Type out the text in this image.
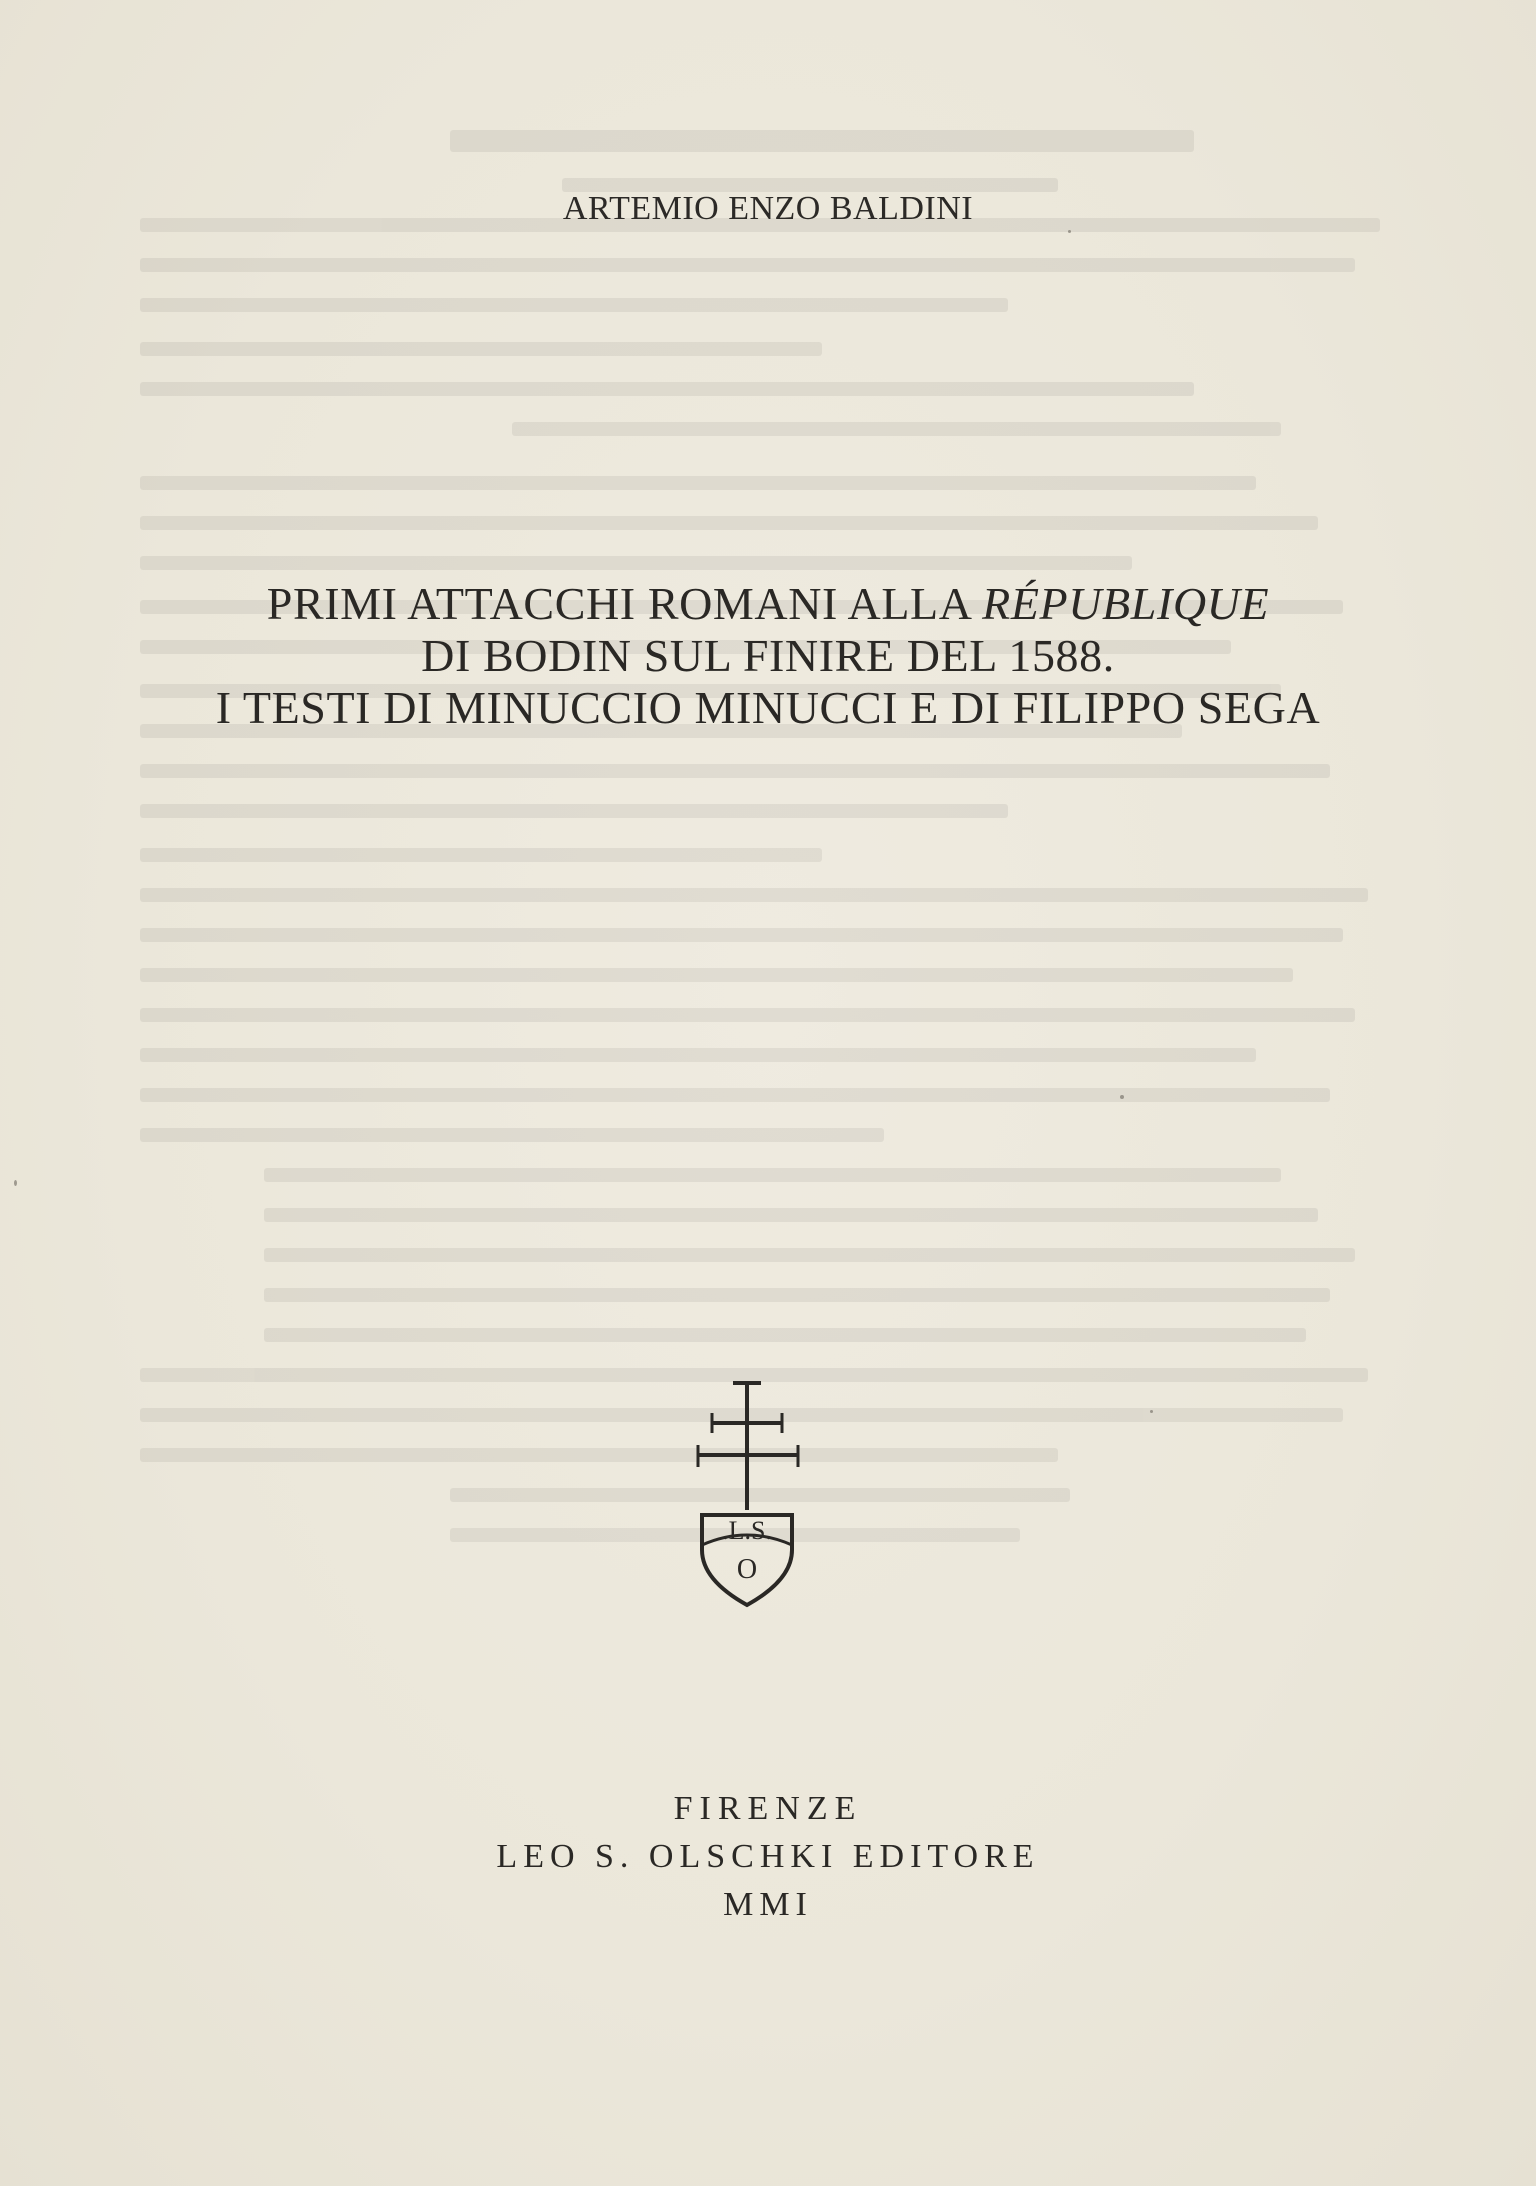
ARTEMIO ENZO BALDINI
PRIMI ATTACCHI ROMANI ALLA RÉPUBLIQUE
DI BODIN SUL FINIRE DEL 1588.
I TESTI DI MINUCCIO MINUCCI E DI FILIPPO SEGA
.L.S.
O
FIRENZE
LEO S. OLSCHKI EDITORE
MMI
